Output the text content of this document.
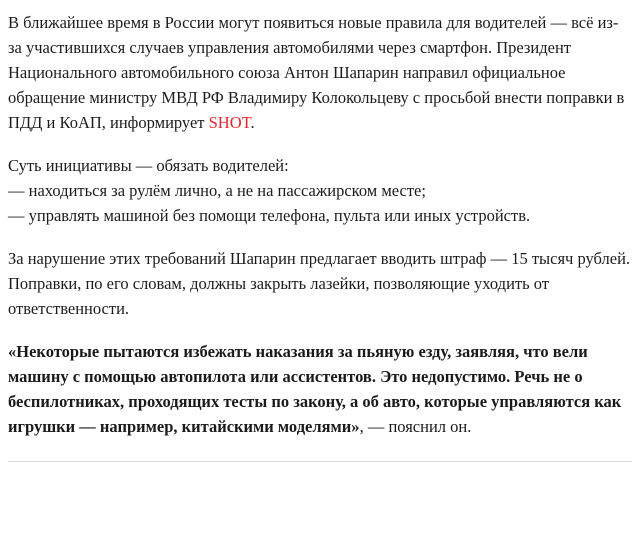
В ближайшее время в России могут появиться новые правила для водителей — всё из-за участившихся случаев управления автомобилями через смартфон. Президент Национального автомобильного союза Антон Шапарин направил официальное обращение министру МВД РФ Владимиру Колокольцеву с просьбой внести поправки в ПДД и КоАП, информирует SHOT.

Суть инициативы — обязать водителей:

— находиться за рулём лично, а не на пассажирском месте;

— управлять машиной без помощи телефона, пульта или иных устройств.

За нарушение этих требований Шапарин предлагает вводить штраф — 15 тысяч рублей. Поправки, по его словам, должны закрыть лазейки, позволяющие уходить от ответственности.

«Некоторые пытаются избежать наказания за пьяную езду, заявляя, что вели машину с помощью автопилота или ассистентов. Это недопустимо. Речь не о беспилотниках, проходящих тесты по закону, а об авто, которые управляются как игрушки — например, китайскими моделями», — пояснил он.
